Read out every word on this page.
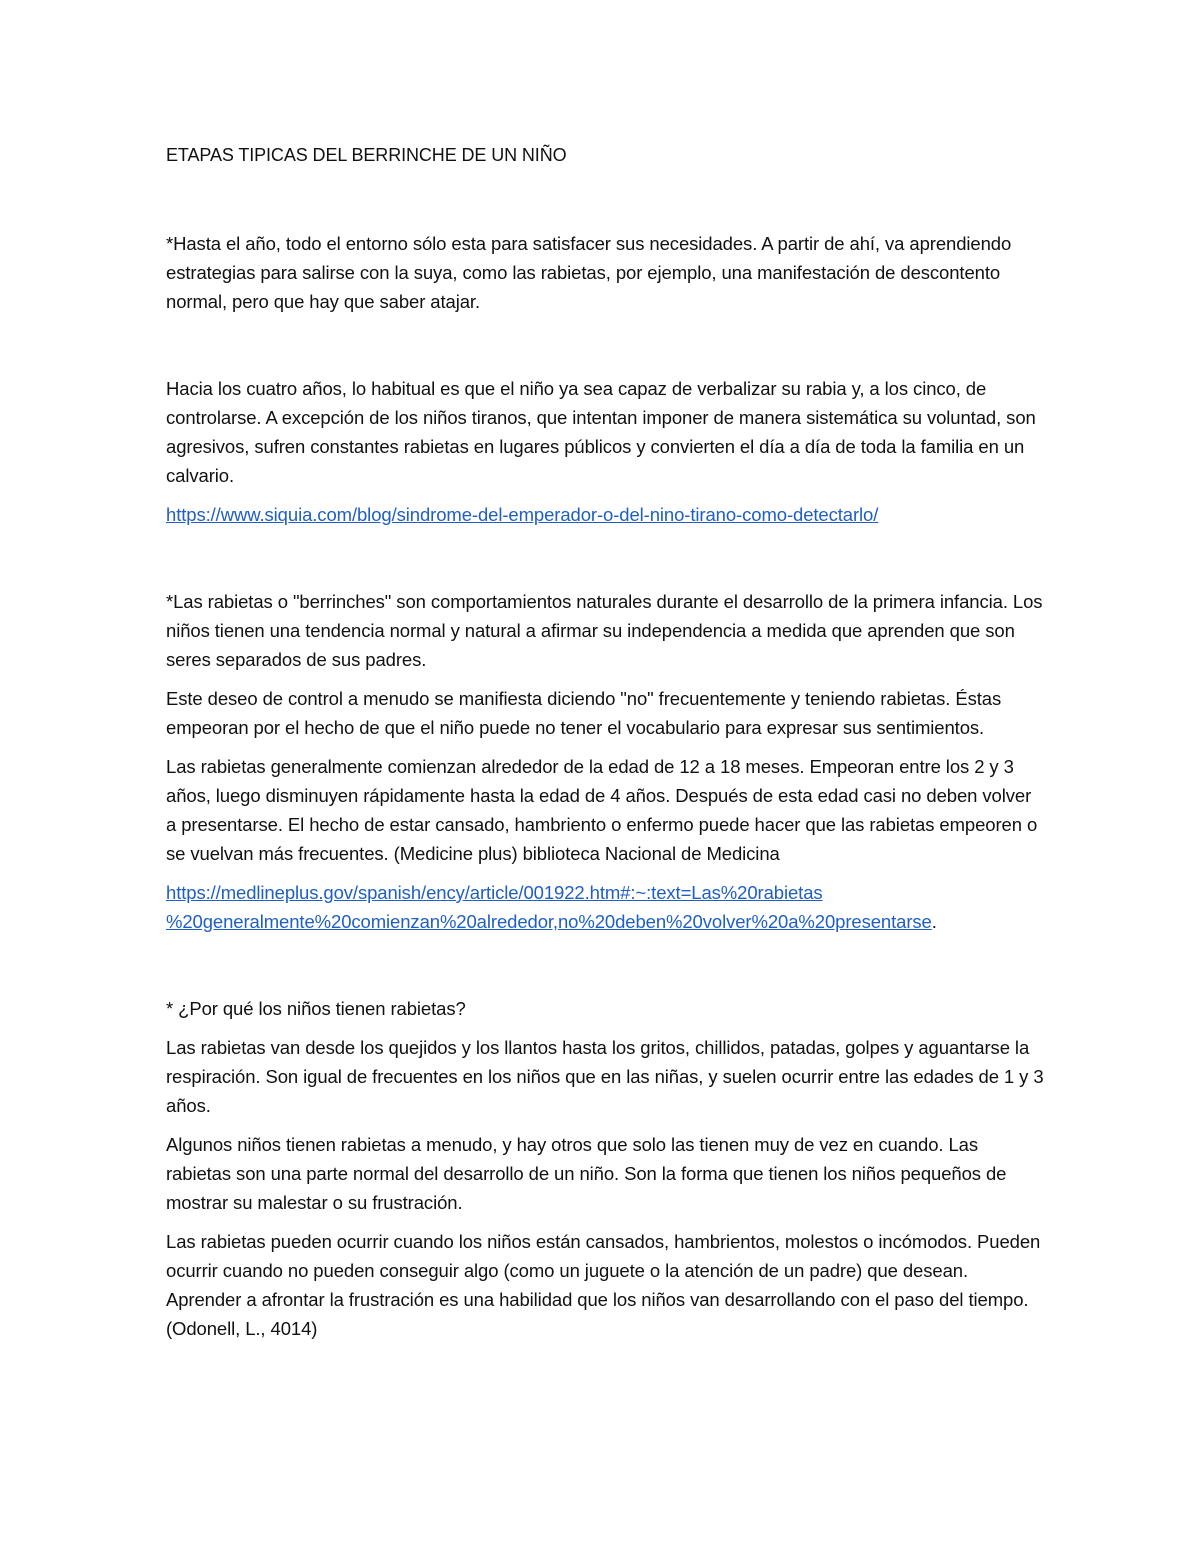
ETAPAS TIPICAS DEL BERRINCHE DE UN NIÑO

*Hasta el año, todo el entorno sólo esta para satisfacer sus necesidades. A partir de ahí, va aprendiendo estrategias para salirse con la suya, como las rabietas, por ejemplo, una manifestación de descontento normal, pero que hay que saber atajar.

Hacia los cuatro años, lo habitual es que el niño ya sea capaz de verbalizar su rabia y, a los cinco, de controlarse. A excepción de los niños tiranos, que intentan imponer de manera sistemática su voluntad, son agresivos, sufren constantes rabietas en lugares públicos y convierten el día a día de toda la familia en un calvario.

https://www.siquia.com/blog/sindrome-del-emperador-o-del-nino-tirano-como-detectarlo/

*Las rabietas o "berrinches" son comportamientos naturales durante el desarrollo de la primera infancia. Los niños tienen una tendencia normal y natural a afirmar su independencia a medida que aprenden que son seres separados de sus padres.

Este deseo de control a menudo se manifiesta diciendo "no" frecuentemente y teniendo rabietas. Éstas empeoran por el hecho de que el niño puede no tener el vocabulario para expresar sus sentimientos.

Las rabietas generalmente comienzan alrededor de la edad de 12 a 18 meses. Empeoran entre los 2 y 3 años, luego disminuyen rápidamente hasta la edad de 4 años. Después de esta edad casi no deben volver a presentarse. El hecho de estar cansado, hambriento o enfermo puede hacer que las rabietas empeoren o se vuelvan más frecuentes. (Medicine plus) biblioteca Nacional de Medicina

https://medlineplus.gov/spanish/ency/article/001922.htm#:~:text=Las%20rabietas
%20generalmente%20comienzan%20alrededor,no%20deben%20volver%20a%20presentarse.

* ¿Por qué los niños tienen rabietas?

Las rabietas van desde los quejidos y los llantos hasta los gritos, chillidos, patadas, golpes y aguantarse la respiración. Son igual de frecuentes en los niños que en las niñas, y suelen ocurrir entre las edades de 1 y 3 años.

Algunos niños tienen rabietas a menudo, y hay otros que solo las tienen muy de vez en cuando. Las rabietas son una parte normal del desarrollo de un niño. Son la forma que tienen los niños pequeños de mostrar su malestar o su frustración.

Las rabietas pueden ocurrir cuando los niños están cansados, hambrientos, molestos o incómodos. Pueden ocurrir cuando no pueden conseguir algo (como un juguete o la atención de un padre) que desean. Aprender a afrontar la frustración es una habilidad que los niños van desarrollando con el paso del tiempo. (Odonell, L., 4014)
